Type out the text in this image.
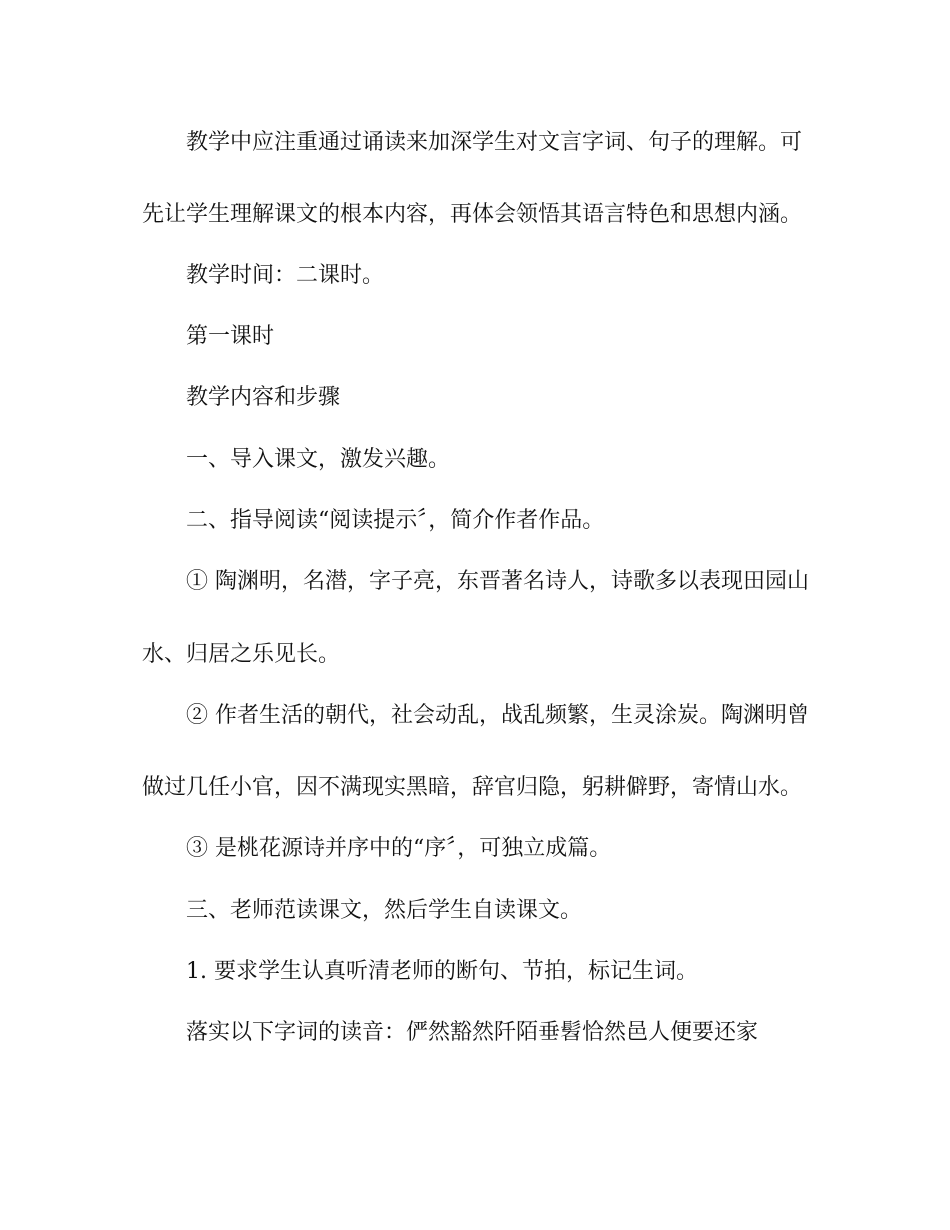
教学中应注重通过诵读来加深学生对文言字词、句子的理解。可
先让学生理解课文的根本内容，再体会领悟其语言特色和思想内涵。
教学时间：二课时。
第一课时
教学内容和步骤
一、导入课文，激发兴趣。
二、指导阅读“阅读提示〞，简介作者作品。
① 陶渊明，名潜，字子亮，东晋著名诗人，诗歌多以表现田园山
水、归居之乐见长。
② 作者生活的朝代，社会动乱，战乱频繁，生灵涂炭。陶渊明曾
做过几任小官，因不满现实黑暗，辞官归隐，躬耕僻野，寄情山水。
③ 是桃花源诗并序中的“序〞，可独立成篇。
三、老师范读课文，然后学生自读课文。
1. 要求学生认真听清老师的断句、节拍，标记生词。
落实以下字词的读音：俨然豁然阡陌垂髫恰然邑人便要还家
